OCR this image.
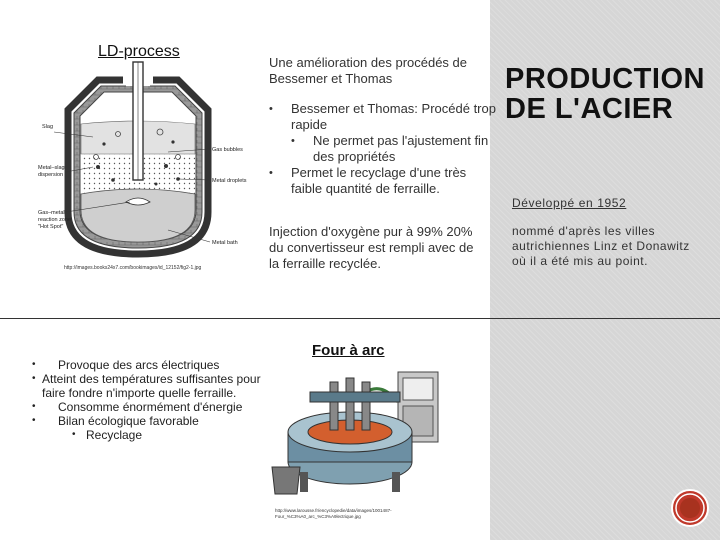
LD-process
Slag
Metal–slag
dispersion
Gas–metal
reaction zone
"Hot Spot"
Gas bubbles
Metal droplets
Metal bath
http://images.books24x7.com/bookimages/id_12152/fig2-1.jpg
Une amélioration des procédés de Bessemer et Thomas
• Bessemer et Thomas: Procédé trop rapide
• Ne permet pas l'ajustement fin des propriétés
• Permet le recyclage d'une très faible quantité de ferraille.
Injection d'oxygène pur à 99% 20% du convertisseur est rempli avec de la ferraille recyclée.
PRODUCTION DE L'ACIER
Développé en 1952
nommé d'après les villes autrichiennes Linz et Donawitz où il a été mis au point.
• Provoque des arcs électriques
• Atteint des températures suffisantes pour faire fondre n'importe quelle ferraille.
• Consomme énormément d'énergie
• Bilan écologique favorable
• Recyclage
Four à arc
http://www.larousse.fr/encyclopedie/data/images/1001487-Four_%C3%A0_arc_%C3%A9lectrique.jpg
